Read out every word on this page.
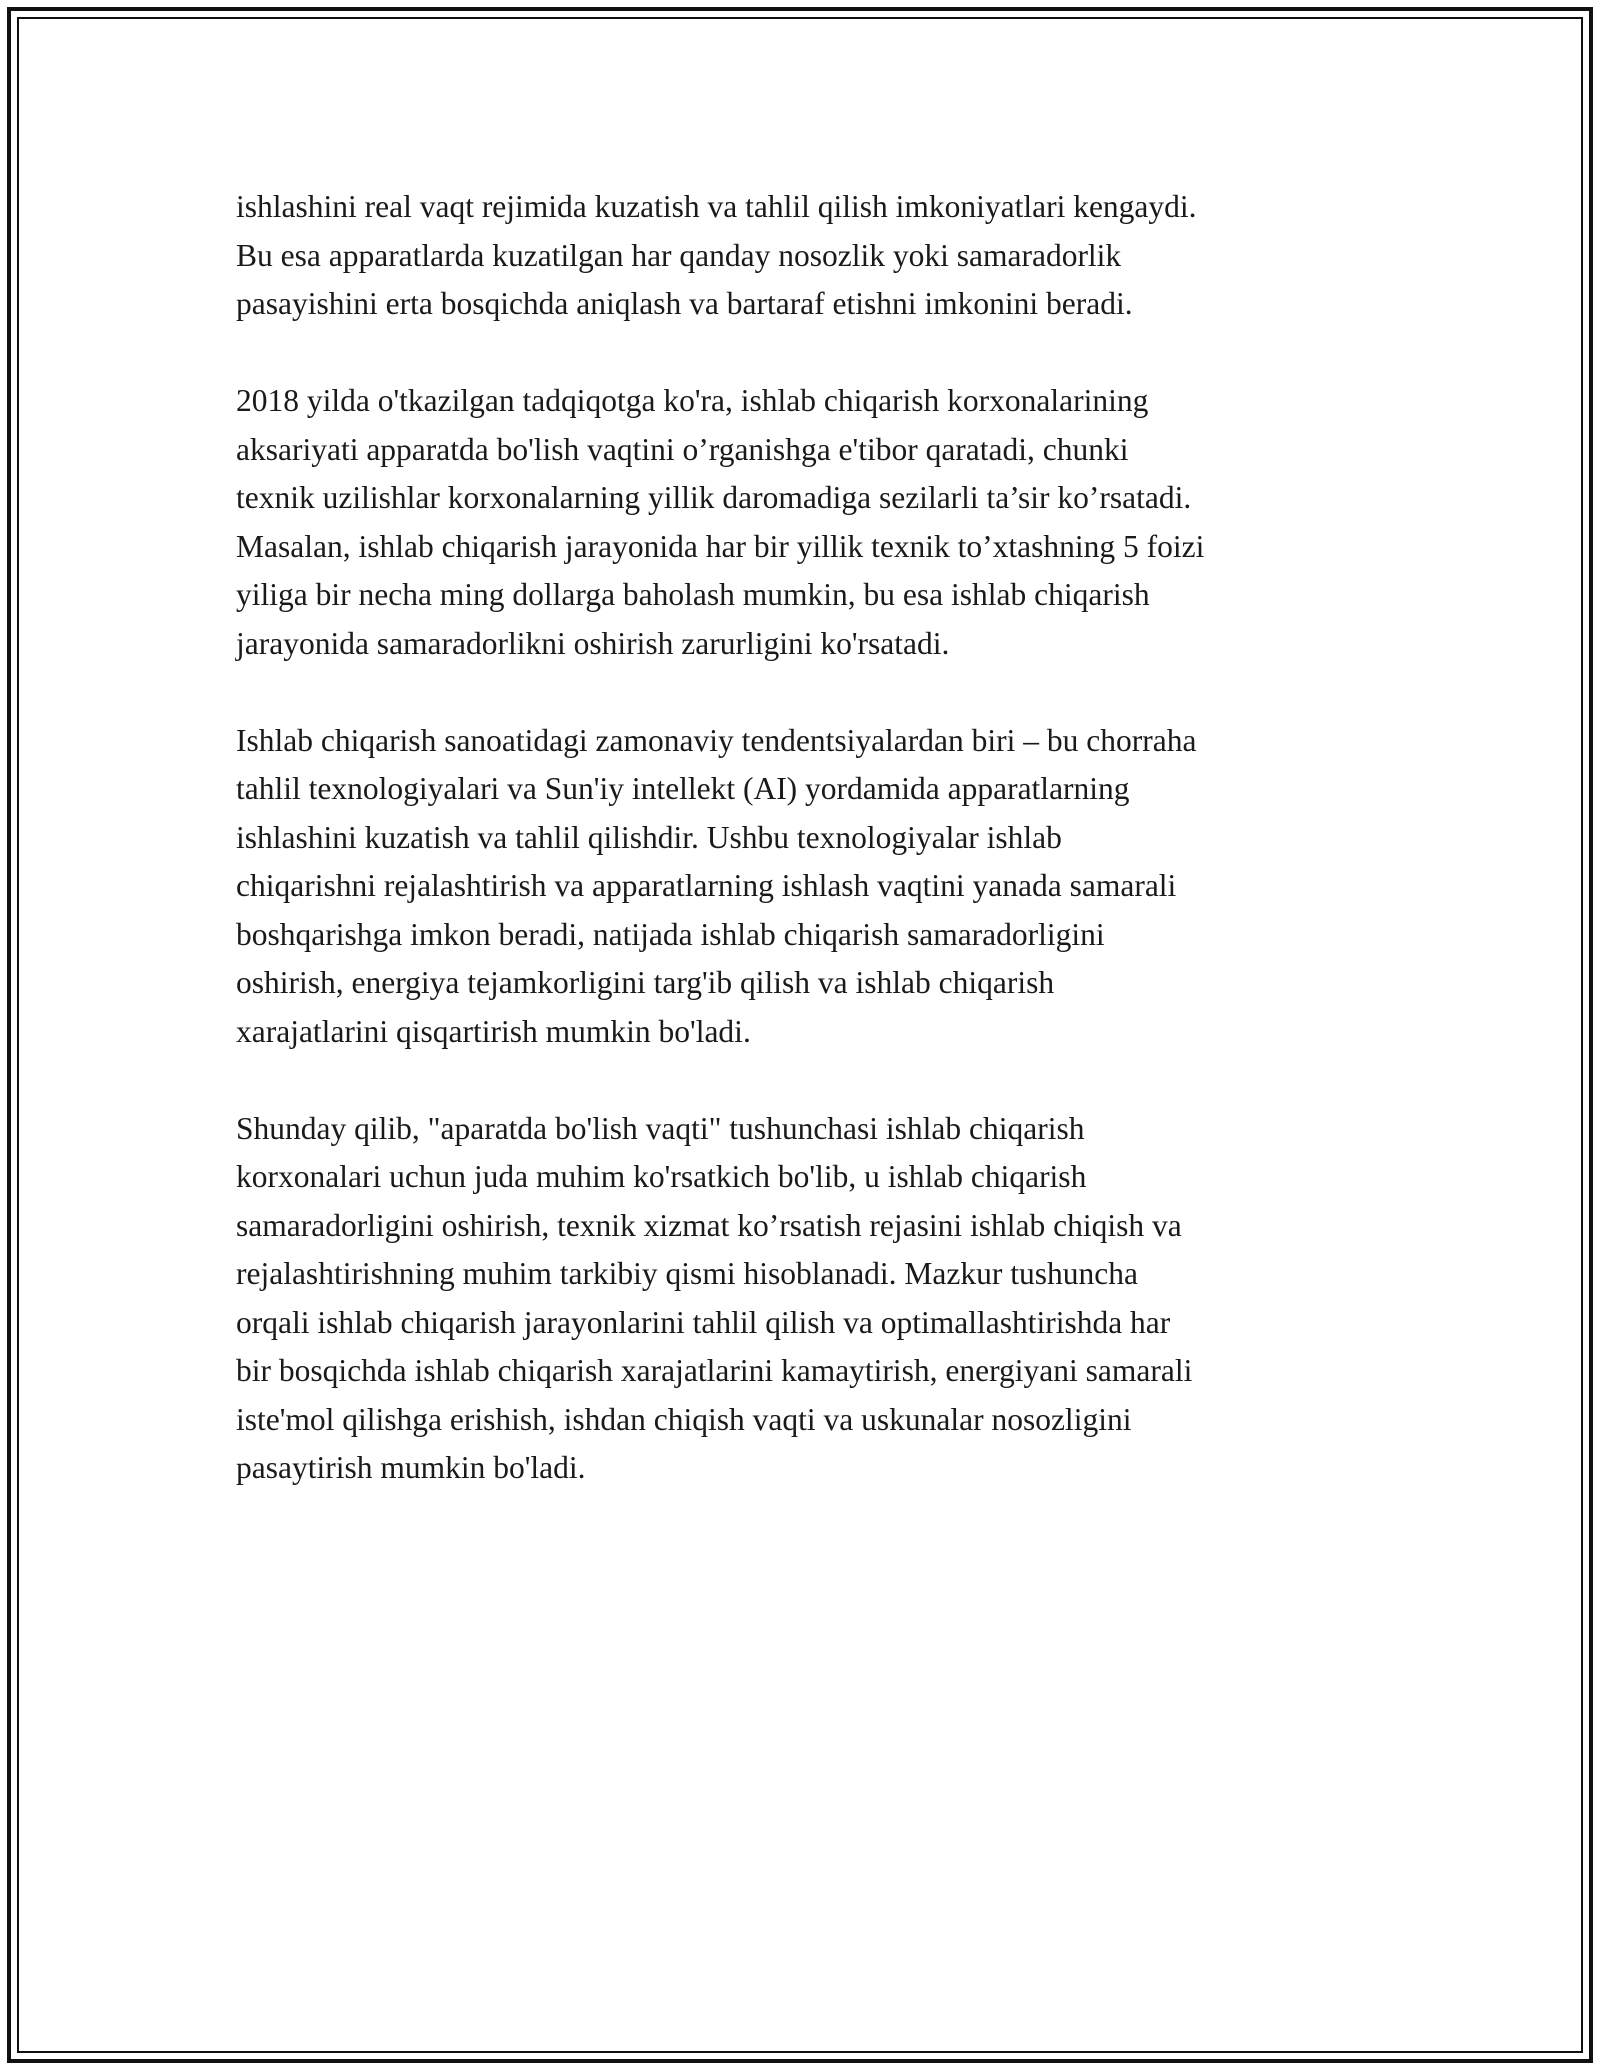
ishlashini real vaqt rejimida kuzatish va tahlil qilish imkoniyatlari kengaydi.
Bu esa apparatlarda kuzatilgan har qanday nosozlik yoki samaradorlik
pasayishini erta bosqichda aniqlash va bartaraf etishni imkonini beradi.

2018 yilda o'tkazilgan tadqiqotga ko'ra, ishlab chiqarish korxonalarining
aksariyati apparatda bo'lish vaqtini o’rganishga e'tibor qaratadi, chunki
texnik uzilishlar korxonalarning yillik daromadiga sezilarli ta’sir ko’rsatadi.
Masalan, ishlab chiqarish jarayonida har bir yillik texnik to’xtashning 5 foizi
yiliga bir necha ming dollarga baholash mumkin, bu esa ishlab chiqarish
jarayonida samaradorlikni oshirish zarurligini ko'rsatadi.

Ishlab chiqarish sanoatidagi zamonaviy tendentsiyalardan biri – bu chorraha
tahlil texnologiyalari va Sun'iy intellekt (AI) yordamida apparatlarning
ishlashini kuzatish va tahlil qilishdir. Ushbu texnologiyalar ishlab
chiqarishni rejalashtirish va apparatlarning ishlash vaqtini yanada samarali
boshqarishga imkon beradi, natijada ishlab chiqarish samaradorligini
oshirish, energiya tejamkorligini targ'ib qilish va ishlab chiqarish
xarajatlarini qisqartirish mumkin bo'ladi.

Shunday qilib, "aparatda bo'lish vaqti" tushunchasi ishlab chiqarish
korxonalari uchun juda muhim ko'rsatkich bo'lib, u ishlab chiqarish
samaradorligini oshirish, texnik xizmat ko’rsatish rejasini ishlab chiqish va
rejalashtirishning muhim tarkibiy qismi hisoblanadi. Mazkur tushuncha
orqali ishlab chiqarish jarayonlarini tahlil qilish va optimallashtirishda har
bir bosqichda ishlab chiqarish xarajatlarini kamaytirish, energiyani samarali
iste'mol qilishga erishish, ishdan chiqish vaqti va uskunalar nosozligini
pasaytirish mumkin bo'ladi.
